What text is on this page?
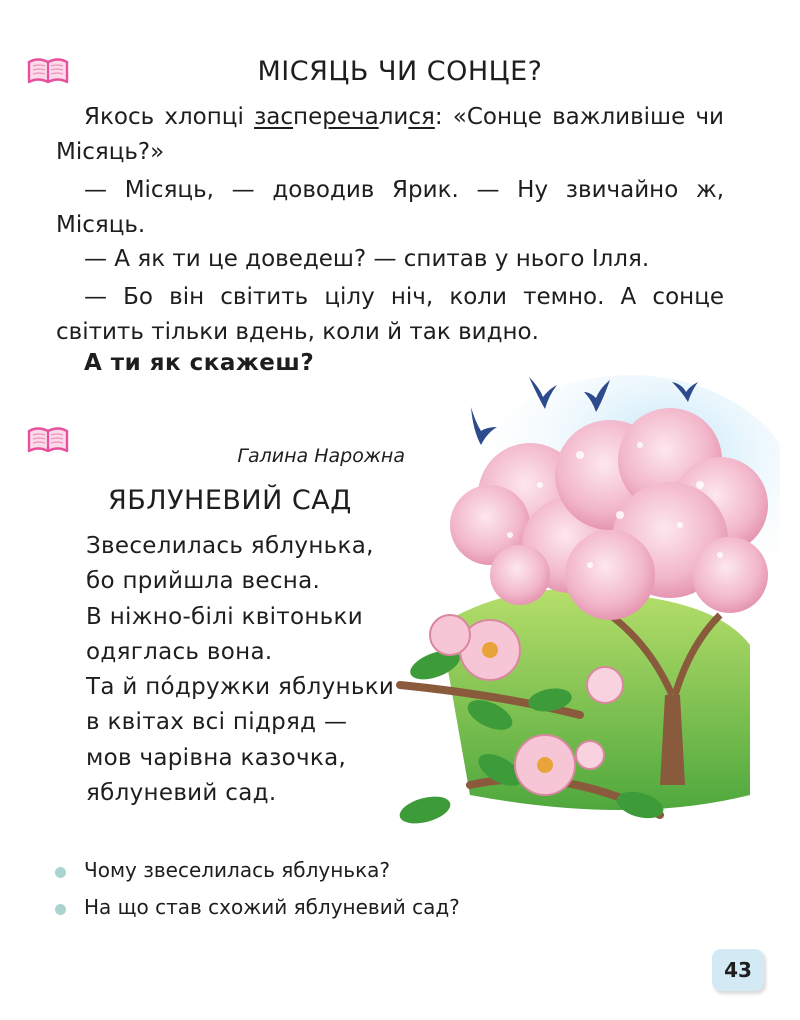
МІСЯЦЬ ЧИ СОНЦЕ?
Якось хлопці засперечалися: «Сонце важливіше чи Місяць?»
— Місяць, — доводив Ярик. — Ну звичайно ж, Місяць.
— А як ти це доведеш? — спитав у нього Ілля.
— Бо він світить цілу ніч, коли темно. А сонце світить тільки вдень, коли й так видно.
А ти як скажеш?
Галина Нарожна
ЯБЛУНЕВИЙ САД
Звеселилась яблунька,
бо прийшла весна.
В ніжно-білі квітоньки
одяглась вона.
Та й по́дружки яблуньки
в квітах всі підряд —
мов чарівна казочка,
яблуневий сад.
Чому звеселилась яблунька?
На що став схожий яблуневий сад?
43
